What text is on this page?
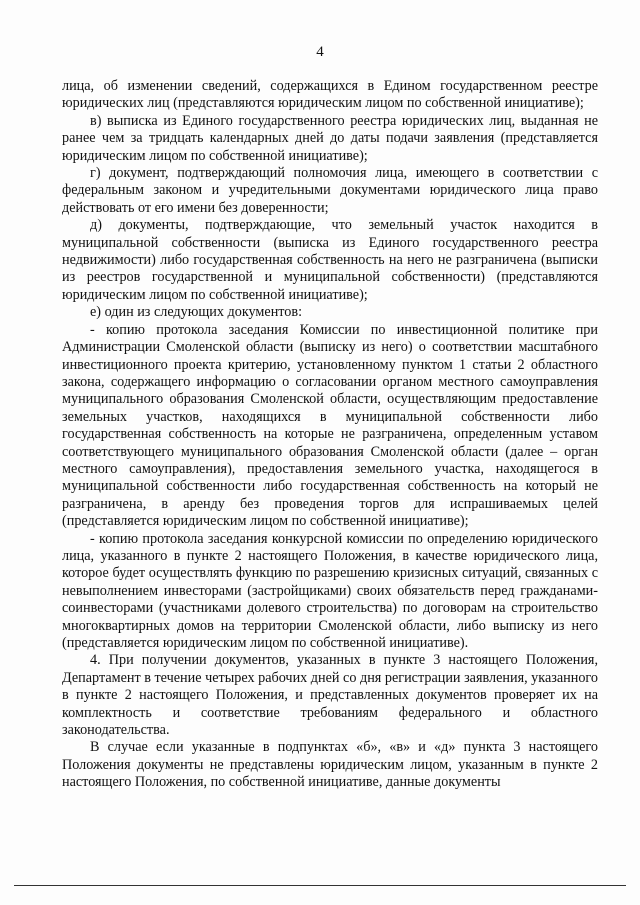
4

лица, об изменении сведений, содержащихся в Едином государственном реестре юридических лиц (представляются юридическим лицом по собственной инициативе);

в) выписка из Единого государственного реестра юридических лиц, выданная не ранее чем за тридцать календарных дней до даты подачи заявления (представляется юридическим лицом по собственной инициативе);

г) документ, подтверждающий полномочия лица, имеющего в соответствии с федеральным законом и учредительными документами юридического лица право действовать от его имени без доверенности;

д) документы, подтверждающие, что земельный участок находится в муниципальной собственности (выписка из Единого государственного реестра недвижимости) либо государственная собственность на него не разграничена (выписки из реестров государственной и муниципальной собственности) (представляются юридическим лицом по собственной инициативе);

е) один из следующих документов:

- копию протокола заседания Комиссии по инвестиционной политике при Администрации Смоленской области (выписку из него) о соответствии масштабного инвестиционного проекта критерию, установленному пунктом 1 статьи 2 областного закона, содержащего информацию о согласовании органом местного самоуправления муниципального образования Смоленской области, осуществляющим предоставление земельных участков, находящихся в муниципальной собственности либо государственная собственность на которые не разграничена, определенным уставом соответствующего муниципального образования Смоленской области (далее – орган местного самоуправления), предоставления земельного участка, находящегося в муниципальной собственности либо государственная собственность на который не разграничена, в аренду без проведения торгов для испрашиваемых целей (представляется юридическим лицом по собственной инициативе);

- копию протокола заседания конкурсной комиссии по определению юридического лица, указанного в пункте 2 настоящего Положения, в качестве юридического лица, которое будет осуществлять функцию по разрешению кризисных ситуаций, связанных с невыполнением инвесторами (застройщиками) своих обязательств перед гражданами-соинвесторами (участниками долевого строительства) по договорам на строительство многоквартирных домов на территории Смоленской области, либо выписку из него (представляется юридическим лицом по собственной инициативе).

4. При получении документов, указанных в пункте 3 настоящего Положения, Департамент в течение четырех рабочих дней со дня регистрации заявления, указанного в пункте 2 настоящего Положения, и представленных документов проверяет их на комплектность и соответствие требованиям федерального и областного законодательства.

В случае если указанные в подпунктах «б», «в» и «д» пункта 3 настоящего Положения документы не представлены юридическим лицом, указанным в пункте 2 настоящего Положения, по собственной инициативе, данные документы
